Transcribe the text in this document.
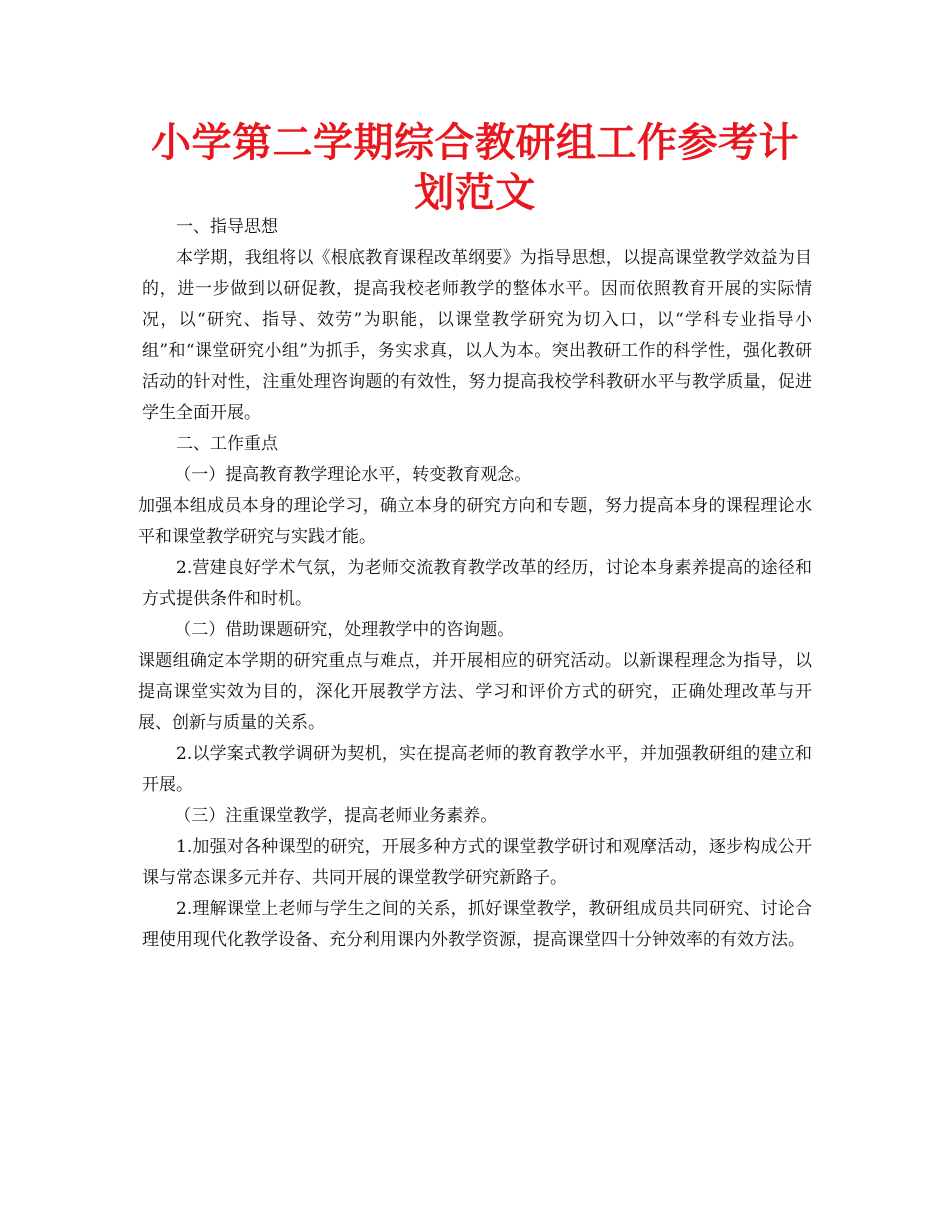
小学第二学期综合教研组工作参考计划范文

一、指导思想

本学期，我组将以《根底教育课程改革纲要》为指导思想，以提高课堂教学效益为目的，进一步做到以研促教，提高我校老师教学的整体水平。因而依照教育开展的实际情况，以“研究、指导、效劳”为职能，以课堂教学研究为切入口，以“学科专业指导小组”和“课堂研究小组”为抓手，务实求真，以人为本。突出教研工作的科学性，强化教研活动的针对性，注重处理咨询题的有效性，努力提高我校学科教研水平与教学质量，促进学生全面开展。

二、工作重点

（一）提高教育教学理论水平，转变教育观念。

加强本组成员本身的理论学习，确立本身的研究方向和专题，努力提高本身的课程理论水平和课堂教学研究与实践才能。

2.营建良好学术气氛，为老师交流教育教学改革的经历，讨论本身素养提高的途径和方式提供条件和时机。

（二）借助课题研究，处理教学中的咨询题。

课题组确定本学期的研究重点与难点，并开展相应的研究活动。以新课程理念为指导，以提高课堂实效为目的，深化开展教学方法、学习和评价方式的研究，正确处理改革与开展、创新与质量的关系。

2.以学案式教学调研为契机，实在提高老师的教育教学水平，并加强教研组的建立和开展。

（三）注重课堂教学，提高老师业务素养。

1.加强对各种课型的研究，开展多种方式的课堂教学研讨和观摩活动，逐步构成公开课与常态课多元并存、共同开展的课堂教学研究新路子。

2.理解课堂上老师与学生之间的关系，抓好课堂教学，教研组成员共同研究、讨论合理使用现代化教学设备、充分利用课内外教学资源，提高课堂四十分钟效率的有效方法。
